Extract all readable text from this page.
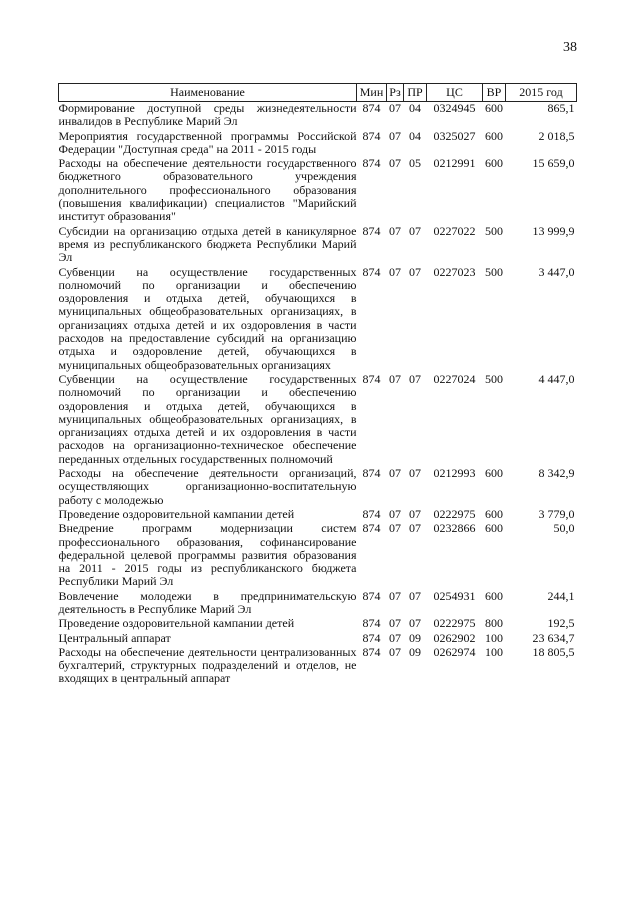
38
Наименование	Мин	Рз	ПР	ЦС	ВР	2015 год
Формирование доступной среды жизнедеятельности инвалидов в Республике Марий Эл	874	07	04	0324945	600	865,1
Мероприятия государственной программы Российской Федерации "Доступная среда" на 2011 - 2015 годы	874	07	04	0325027	600	2 018,5
Расходы на обеспечение деятельности государственного бюджетного образовательного учреждения дополнительного профессионального образования (повышения квалификации) специалистов "Марийский институт образования"	874	07	05	0212991	600	15 659,0
Субсидии на организацию отдыха детей в каникулярное время из республиканского бюджета Республики Марий Эл	874	07	07	0227022	500	13 999,9
Субвенции на осуществление государственных полномочий по организации и обеспечению оздоровления и отдыха детей, обучающихся в муниципальных общеобразовательных организациях, в организациях отдыха детей и их оздоровления в части расходов на предоставление субсидий на организацию отдыха и оздоровление детей, обучающихся в муниципальных общеобразовательных организациях	874	07	07	0227023	500	3 447,0
Субвенции на осуществление государственных полномочий по организации и обеспечению оздоровления и отдыха детей, обучающихся в муниципальных общеобразовательных организациях, в организациях отдыха детей и их оздоровления в части расходов на организационно-техническое обеспечение переданных отдельных государственных полномочий	874	07	07	0227024	500	4 447,0
Расходы на обеспечение деятельности организаций, осуществляющих организационно-воспитательную работу с молодежью	874	07	07	0212993	600	8 342,9
Проведение оздоровительной кампании детей	874	07	07	0222975	600	3 779,0
Внедрение программ модернизации систем профессионального образования, софинансирование федеральной целевой программы развития образования на 2011 - 2015 годы из республиканского бюджета Республики Марий Эл	874	07	07	0232866	600	50,0
Вовлечение молодежи в предпринимательскую деятельность в Республике Марий Эл	874	07	07	0254931	600	244,1
Проведение оздоровительной кампании детей	874	07	07	0222975	800	192,5
Центральный аппарат	874	07	09	0262902	100	23 634,7
Расходы на обеспечение деятельности централизованных бухгалтерий, структурных подразделений и отделов, не входящих в центральный аппарат	874	07	09	0262974	100	18 805,5
